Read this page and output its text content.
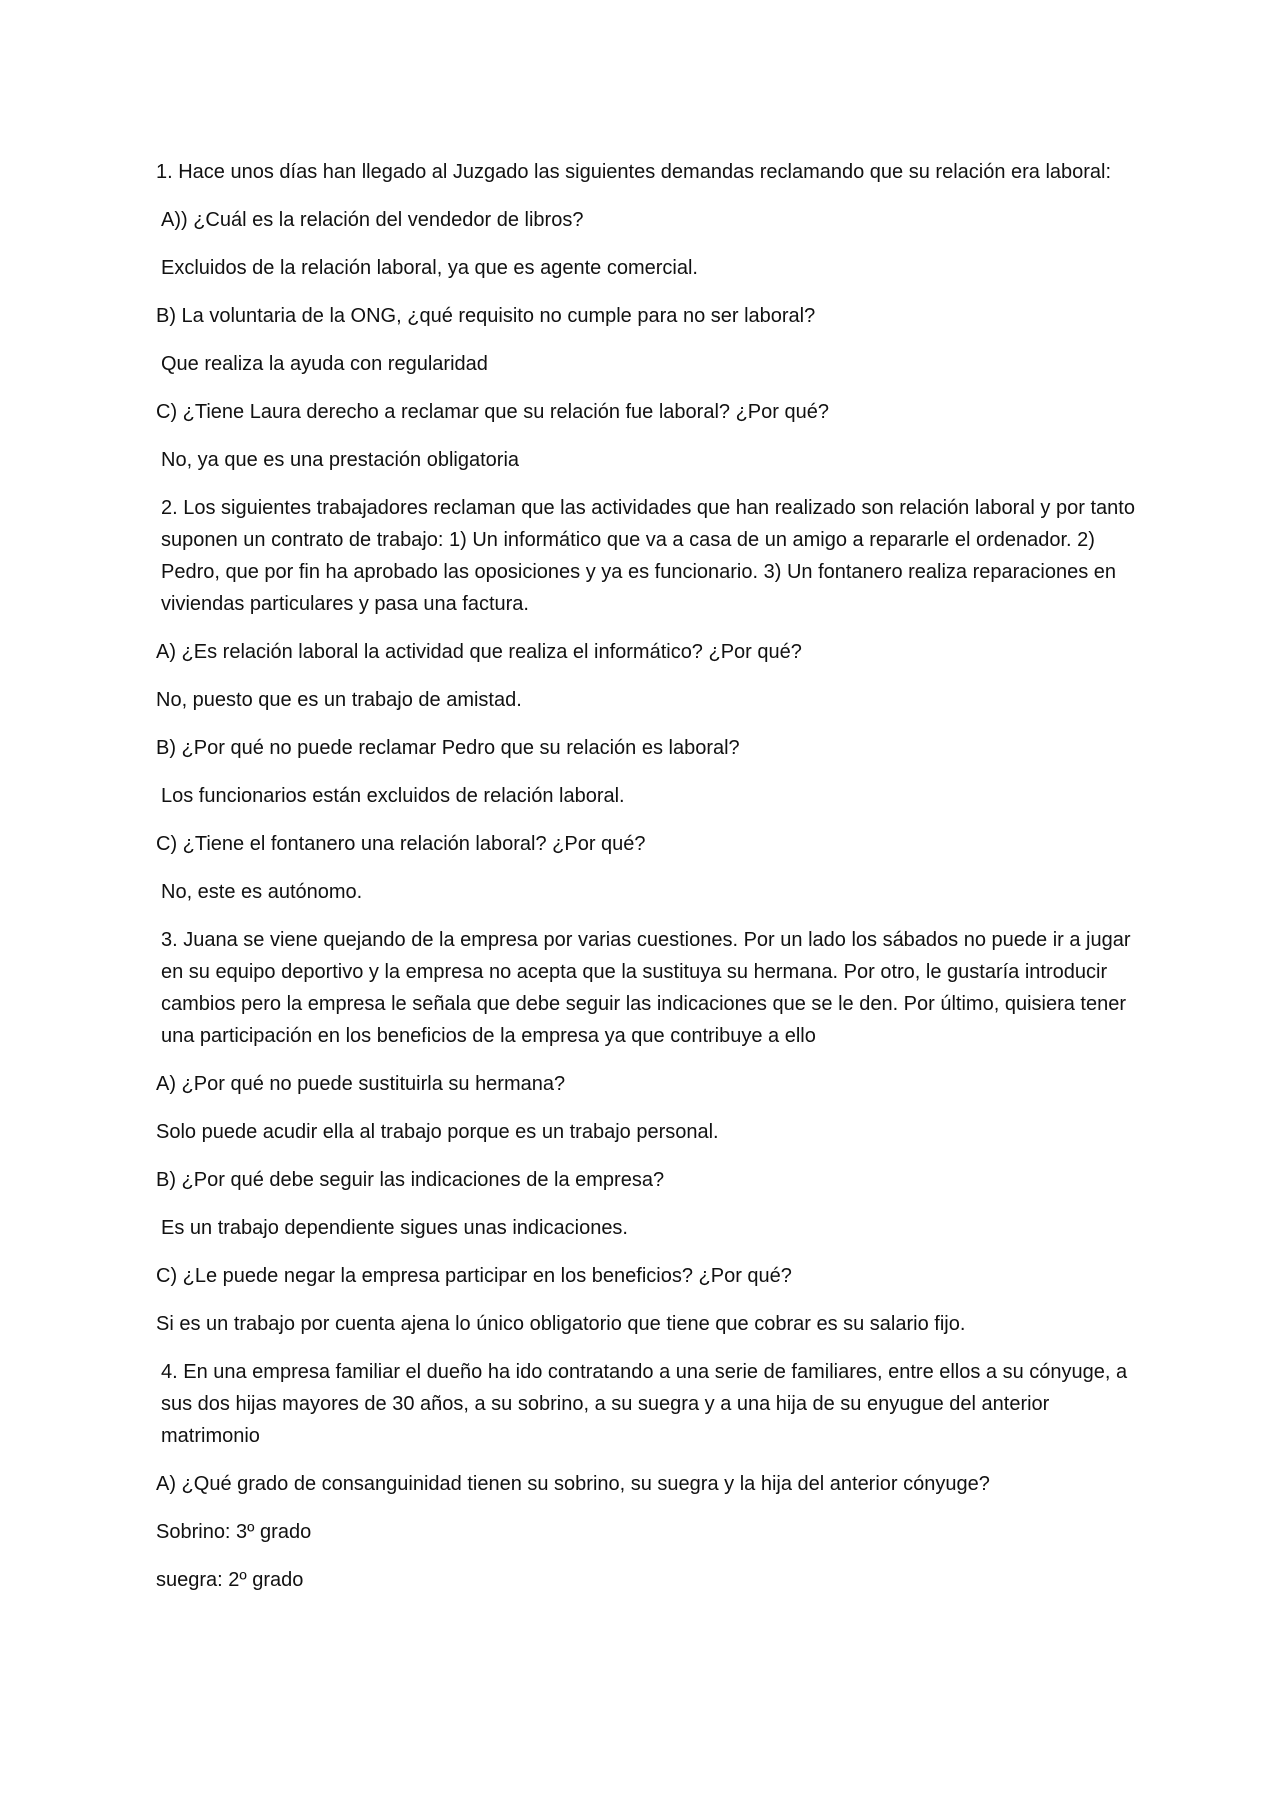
1. Hace unos días han llegado al Juzgado las siguientes demandas reclamando que su relación era laboral:

A)) ¿Cuál es la relación del vendedor de libros?

Excluidos de la relación laboral, ya que es agente comercial.

B) La voluntaria de la ONG, ¿qué requisito no cumple para no ser laboral?

Que realiza la ayuda con regularidad

C) ¿Tiene Laura derecho a reclamar que su relación fue laboral? ¿Por qué?

No, ya que es una prestación obligatoria

2. Los siguientes trabajadores reclaman que las actividades que han realizado son relación laboral y por tanto suponen un contrato de trabajo: 1) Un informático que va a casa de un amigo a repararle el ordenador. 2) Pedro, que por fin ha aprobado las oposiciones y ya es funcionario. 3) Un fontanero realiza reparaciones en viviendas particulares y pasa una factura.

A) ¿Es relación laboral la actividad que realiza el informático? ¿Por qué?

No, puesto que es un trabajo de amistad.

B) ¿Por qué no puede reclamar Pedro que su relación es laboral?

Los funcionarios están excluidos de relación laboral.

C) ¿Tiene el fontanero una relación laboral? ¿Por qué?

No, este es autónomo.

3. Juana se viene quejando de la empresa por varias cuestiones. Por un lado los sábados no puede ir a jugar en su equipo deportivo y la empresa no acepta que la sustituya su hermana. Por otro, le gustaría introducir cambios pero la empresa le señala que debe seguir las indicaciones que se le den. Por último, quisiera tener una participación en los beneficios de la empresa ya que contribuye a ello

A) ¿Por qué no puede sustituirla su hermana?

Solo puede acudir ella al trabajo porque es un trabajo personal.

B) ¿Por qué debe seguir las indicaciones de la empresa?

Es un trabajo dependiente sigues unas indicaciones.

C) ¿Le puede negar la empresa participar en los beneficios? ¿Por qué?

Si es un trabajo por cuenta ajena lo único obligatorio que tiene que cobrar es su salario fijo.

4. En una empresa familiar el dueño ha ido contratando a una serie de familiares, entre ellos a su cónyuge, a sus dos hijas mayores de 30 años, a su sobrino, a su suegra y a una hija de su enyugue del anterior matrimonio

A) ¿Qué grado de consanguinidad tienen su sobrino, su suegra y la hija del anterior cónyuge?

Sobrino: 3º grado

suegra: 2º grado
